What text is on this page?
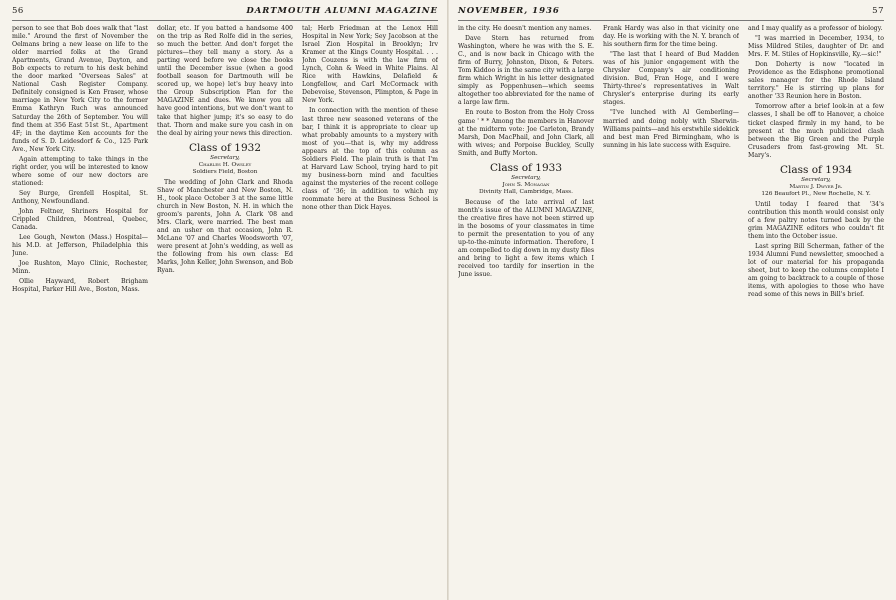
56	DARTMOUTH ALUMNI MAGAZINE

person to see that Bob does walk that "last mile." Around the first of November the Oelmans bring a new lease on life to the older married folks at the Grand Apartments, Grand Avenue, Dayton, and Bob expects to return to his desk behind the door marked "Overseas Sales" at National Cash Register Company. Definitely consigned is Ken Fraser, whose marriage in New York City to the former Emma Kathryn Ruch was announced Saturday the 26th of September. You will find them at 356 East 51st St., Apartment 4F; in the daytime Ken accounts for the funds of S. D. Leidesdorf & Co., 125 Park Ave., New York City.

Again attempting to take things in the right order, you will be interested to know where some of our new doctors are stationed:

Sey Burge, Grenfell Hospital, St. Anthony, Newfoundland.

John Feltner, Shriners Hospital for Crippled Children, Montreal, Quebec, Canada.

Lee Gough, Newton (Mass.) Hospital—his M.D. at Jefferson, Philadelphia this June.

Joe Rushton, Mayo Clinic, Rochester, Minn.

Ollie Hayward, Robert Brigham Hospital, Parker Hill Ave., Boston, Mass.

dollar, etc. If you batted a handsome 400 on the trip as Red Rolfe did in the series, so much the better. And don't forget the pictures—they tell many a story. As a parting word before we close the books until the December issue (when a good football season for Dartmouth will be scored up, we hope) let's buy heavy into the Group Subscription Plan for the MAGAZINE and dues. We know you all have good intentions, but we don't want to take that higher jump; it's so easy to do that. Thorn and make sure you cash in on the deal by airing your news this direction.

Class of 1932
Secretary,
Charles H. Owsley
Soldiers Field, Boston

The wedding of John Clark and Rhoda Shaw of Manchester and New Boston, N. H., took place October 3 at the same little church in New Boston, N. H. in which the groom's parents, John A. Clark '08 and Mrs. Clark, were married. The best man and an usher on that occasion, John R. McLane '07 and Charles Woodsworth '07, were present at John's wedding, as well as the following from his own class: Ed Marks, John Keller, John Swenson, and Bob Ryan.

tal; Herb Friedman at the Lenox Hill Hospital in New York; Sey Jacobson at the Israel Zion Hospital in Brooklyn; Irv Kramer at the Kings County Hospital. . . . John Couzens is with the law firm of Lynch, Cohn & Weed in White Plains. Al Rice with Hawkins, Delafield & Longfellow, and Carl McCormack with Debevoise, Stevenson, Plimpton, & Page in New York.

In connection with the mention of these last three new seasoned veterans of the bar, I think it is appropriate to clear up what probably amounts to a mystery with most of you—that is, why my address appears at the top of this column as Soldiers Field. The plain truth is that I'm at Harvard Law School, trying hard to pit my business-born mind and faculties against the mysteries of the recent college class of '36; in addition to which my roommate here at the Business School is none other than Dick Hayes.

NOVEMBER, 1936	57

in the city. He doesn't mention any names.

Dave Stern has returned from Washington, where he was with the S. E. C., and is now back in Chicago with the firm of Burry, Johnston, Dixon, & Peters. Tom Kiddoo is in the same city with a large firm which Wright in his letter designated simply as Poppenhusen—which seems altogether too abbreviated for the name of a large law firm.

En route to Boston from the Holy Cross game ' * * Among the members in Hanover at the midterm vote: Joe Carleton, Brandy Marsh, Don MacPhail, and John Clark, all with wives; and Porpoise Buckley, Scully Smith, and Buffy Morton.

Class of 1933
Secretary,
John S. Monagan
Divinity Hall, Cambridge, Mass.

Because of the late arrival of last month's issue of the ALUMNI MAGAZINE, the creative fires have not been stirred up in the bosoms of your classmates in time to permit the presentation to you of any up-to-the-minute information. Therefore, I am compelled to dig down in my dusty files and bring to light a few items which I received too tardily for insertion in the June issue.

Frank Hardy was also in that vicinity one day. He is working with the N. Y. branch of his southern firm for the time being.

"The last that I heard of Bud Madden was of his junior engagement with the Chrysler Company's air conditioning division. Bud, Fran Hoge, and I were Thirty-three's representatives in Walt Chrysler's enterprise during its early stages.

"I've lunched with Al Gemberling—married and doing nobly with Sherwin-Williams paints—and his erstwhile sidekick and best man Fred Birmingham, who is sunning in his late success with Esquire.

and I may qualify as a professor of biology.

"I was married in December, 1934, to Miss Mildred Stiles, daughter of Dr. and Mrs. F. M. Stiles of Hopkinsville, Ky.—sic!"

Don Doherty is now "located in Providence as the Edisphone promotional sales manager for the Rhode Island territory." He is stirring up plans for another '33 Reunion here in Boston.

Tomorrow after a brief look-in at a few classes, I shall be off to Hanover, a choice ticket clasped firmly in my hand, to be present at the much publicized clash between the Big Green and the Purple Crusaders from fast-growing Mt. St. Mary's.

Class of 1934
Secretary,
Martin J. Dwyer Jr.
126 Beaufort Pl., New Rochelle, N. Y.

Until today I feared that '34's contribution this month would consist only of a few paltry notes turned back by the grim MAGAZINE editors who couldn't fit them into the October issue.

Last spring Bill Scherman, father of the 1934 Alumni Fund newsletter, smooched a lot of our material for his propaganda sheet, but to keep the columns complete I am going to backtrack to a couple of those items, with apologies to those who have read some of this news in Bill's brief.
